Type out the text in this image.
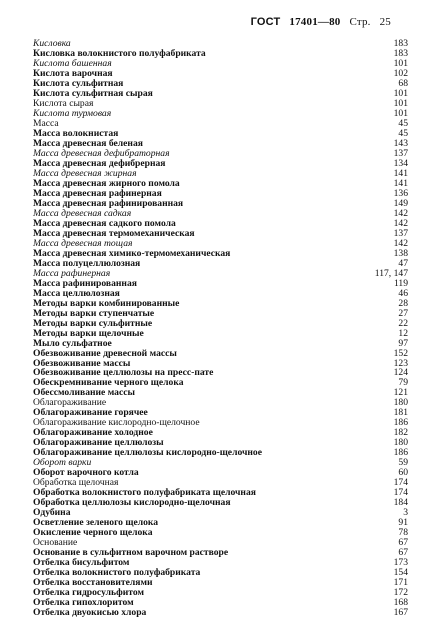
ГОСТ 17401—80 Стр. 25
Кисловка	183
Кисловка волокнистого полуфабриката	183
Кислота башенная	101
Кислота варочная	102
Кислота сульфитная	68
Кислота сульфитная сырая	101
Кислота сырая	101
Кислота турмовая	101
Масса	45
Масса волокнистая	45
Масса древесная беленая	143
Масса древесная дефибраторная	137
Масса древесная дефибрерная	134
Масса древесная жирная	141
Масса древесная жирного помола	141
Масса древесная рафинерная	136
Масса древесная рафинированная	149
Масса древесная садкая	142
Масса древесная садкого помола	142
Масса древесная термомеханическая	137
Масса древесная тощая	142
Масса древесная химико-термомеханическая	138
Масса полуцеллюлозная	47
Масса рафинерная	117, 147
Масса рафинированная	119
Масса целлюлозная	46
Методы варки комбинированные	28
Методы варки ступенчатые	27
Методы варки сульфитные	22
Методы варки щелочные	12
Мыло сульфатное	97
Обезвоживание древесной массы	152
Обезвоживание массы	123
Обезвоживание целлюлозы на пресс-пате	124
Обескремнивание черного щелока	79
Обессмоливание массы	121
Облагораживание	180
Облагораживание горячее	181
Облагораживание кислородно-щелочное	186
Облагораживание холодное	182
Облагораживание целлюлозы	180
Облагораживание целлюлозы кислородно-щелочное	186
Оборот варки	59
Оборот варочного котла	60
Обработка щелочная	174
Обработка волокнистого полуфабриката щелочная	174
Обработка целлюлозы кислородно-щелочная	184
Одубина	3
Осветление зеленого щелока	91
Окисление черного щелока	78
Основание	67
Основание в сульфитном варочном растворе	67
Отбелка бисульфитом	173
Отбелка волокнистого полуфабриката	154
Отбелка восстановителями	171
Отбелка гидросульфитом	172
Отбелка гипохлоритом	168
Отбелка двуокисью хлора	167
